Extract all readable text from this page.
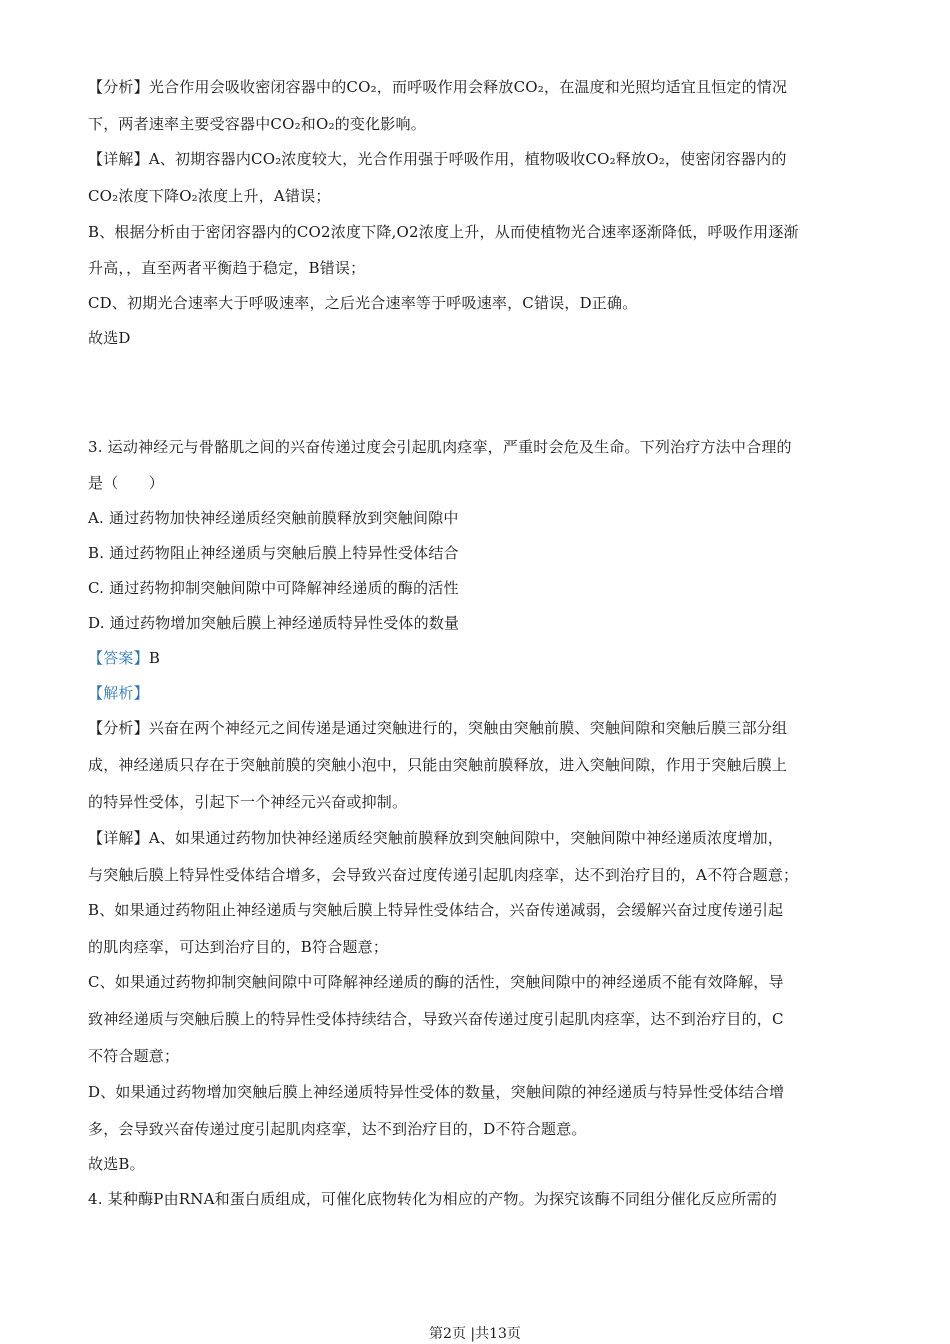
【分析】光合作用会吸收密闭容器中的CO₂，而呼吸作用会释放CO₂，在温度和光照均适宜且恒定的情况
下，两者速率主要受容器中CO₂和O₂的变化影响。
【详解】A、初期容器内CO₂浓度较大，光合作用强于呼吸作用，植物吸收CO₂释放O₂，使密闭容器内的
CO₂浓度下降O₂浓度上升，A错误；
B、根据分析由于密闭容器内的CO2浓度下降,O2浓度上升，从而使植物光合速率逐渐降低，呼吸作用逐渐
升高，，直至两者平衡趋于稳定，B错误；
CD、初期光合速率大于呼吸速率，之后光合速率等于呼吸速率，C错误，D正确。
故选D
3. 运动神经元与骨骼肌之间的兴奋传递过度会引起肌肉痉挛，严重时会危及生命。下列治疗方法中合理的
是（　　）
A. 通过药物加快神经递质经突触前膜释放到突触间隙中
B. 通过药物阻止神经递质与突触后膜上特异性受体结合
C. 通过药物抑制突触间隙中可降解神经递质的酶的活性
D. 通过药物增加突触后膜上神经递质特异性受体的数量
【答案】B
【解析】
【分析】兴奋在两个神经元之间传递是通过突触进行的，突触由突触前膜、突触间隙和突触后膜三部分组
成，神经递质只存在于突触前膜的突触小泡中，只能由突触前膜释放，进入突触间隙，作用于突触后膜上
的特异性受体，引起下一个神经元兴奋或抑制。
【详解】A、如果通过药物加快神经递质经突触前膜释放到突触间隙中，突触间隙中神经递质浓度增加，
与突触后膜上特异性受体结合增多，会导致兴奋过度传递引起肌肉痉挛，达不到治疗目的，A不符合题意；
B、如果通过药物阻止神经递质与突触后膜上特异性受体结合，兴奋传递减弱，会缓解兴奋过度传递引起
的肌肉痉挛，可达到治疗目的，B符合题意；
C、如果通过药物抑制突触间隙中可降解神经递质的酶的活性，突触间隙中的神经递质不能有效降解，导
致神经递质与突触后膜上的特异性受体持续结合，导致兴奋传递过度引起肌肉痉挛，达不到治疗目的，C
不符合题意；
D、如果通过药物增加突触后膜上神经递质特异性受体的数量，突触间隙的神经递质与特异性受体结合增
多，会导致兴奋传递过度引起肌肉痉挛，达不到治疗目的，D不符合题意。
故选B。
4. 某种酶P由RNA和蛋白质组成，可催化底物转化为相应的产物。为探究该酶不同组分催化反应所需的
第2页 |共13页
